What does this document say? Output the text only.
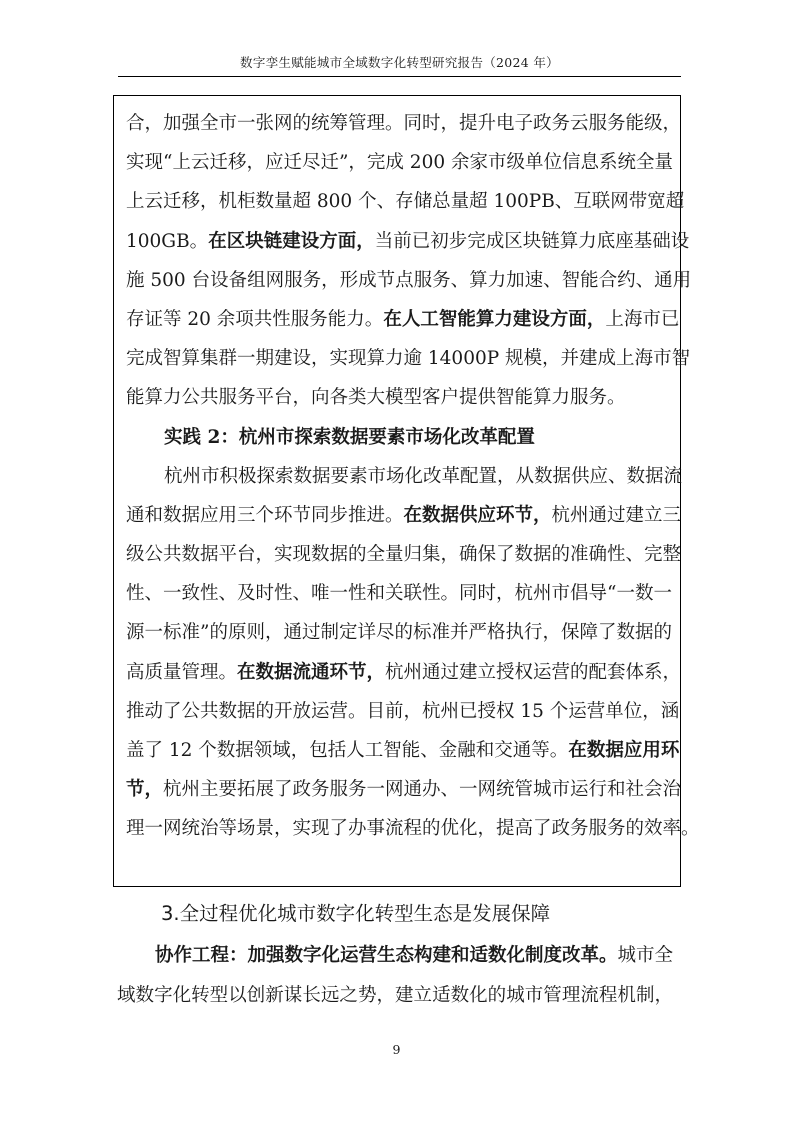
数字孪生赋能城市全域数字化转型研究报告（2024 年）
合，加强全市一张网的统筹管理。同时，提升电子政务云服务能级，
实现“上云迁移，应迁尽迁”，完成 200 余家市级单位信息系统全量
上云迁移，机柜数量超 800 个、存储总量超 100PB、互联网带宽超
100GB。在区块链建设方面，当前已初步完成区块链算力底座基础设
施 500 台设备组网服务，形成节点服务、算力加速、智能合约、通用
存证等 20 余项共性服务能力。在人工智能算力建设方面，上海市已
完成智算集群一期建设，实现算力逾 14000P 规模，并建成上海市智
能算力公共服务平台，向各类大模型客户提供智能算力服务。
实践 2：杭州市探索数据要素市场化改革配置
杭州市积极探索数据要素市场化改革配置，从数据供应、数据流
通和数据应用三个环节同步推进。在数据供应环节，杭州通过建立三
级公共数据平台，实现数据的全量归集，确保了数据的准确性、完整
性、一致性、及时性、唯一性和关联性。同时，杭州市倡导“一数一
源一标准”的原则，通过制定详尽的标准并严格执行，保障了数据的
高质量管理。在数据流通环节，杭州通过建立授权运营的配套体系，
推动了公共数据的开放运营。目前，杭州已授权 15 个运营单位，涵
盖了 12 个数据领域，包括人工智能、金融和交通等。在数据应用环
节，杭州主要拓展了政务服务一网通办、一网统管城市运行和社会治
理一网统治等场景，实现了办事流程的优化，提高了政务服务的效率。
3.全过程优化城市数字化转型生态是发展保障
协作工程：加强数字化运营生态构建和适数化制度改革。城市全
域数字化转型以创新谋长远之势，建立适数化的城市管理流程机制，
9
